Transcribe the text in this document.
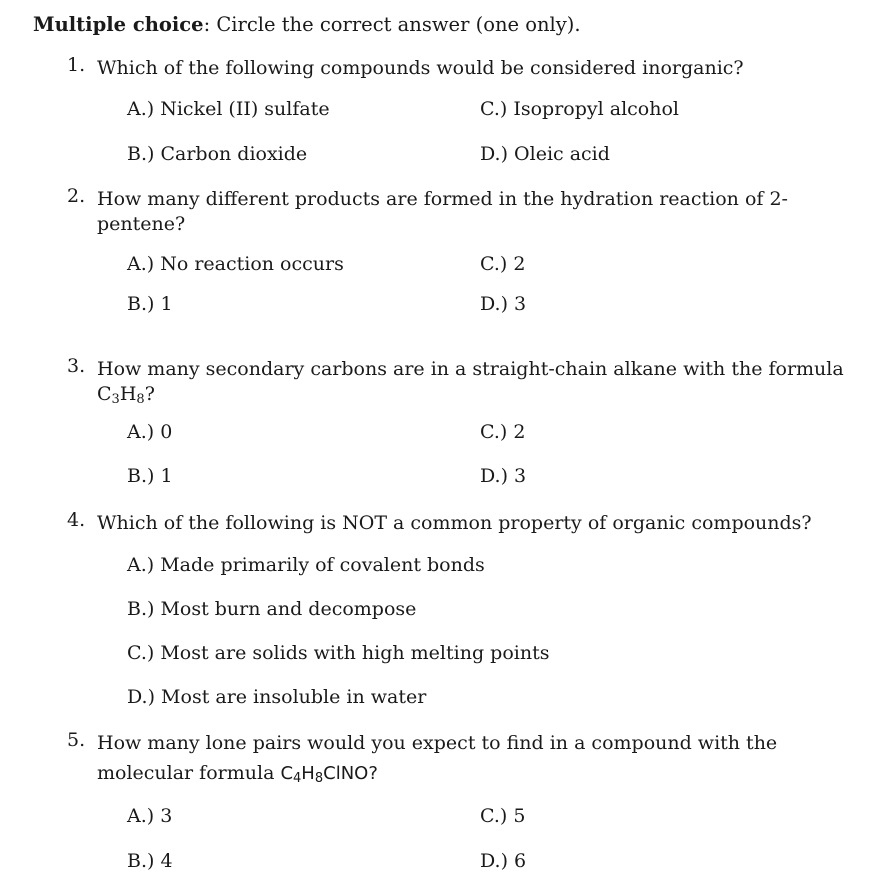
Multiple choice: Circle the correct answer (one only).
1. Which of the following compounds would be considered inorganic?
A.) Nickel (II) sulfate	C.) Isopropyl alcohol
B.) Carbon dioxide	D.) Oleic acid
2. How many different products are formed in the hydration reaction of 2-
pentene?
A.) No reaction occurs	C.) 2
B.) 1	D.) 3
3. How many secondary carbons are in a straight-chain alkane with the formula
$C_3H_8$?
A.) 0	C.) 2
B.) 1	D.) 3
4. Which of the following is NOT a common property of organic compounds?
A.) Made primarily of covalent bonds
B.) Most burn and decompose
C.) Most are solids with high melting points
D.) Most are insoluble in water
5. How many lone pairs would you expect to find in a compound with the
molecular formula $C_4H_8ClNO$?
A.) 3	C.) 5
B.) 4	D.) 6
